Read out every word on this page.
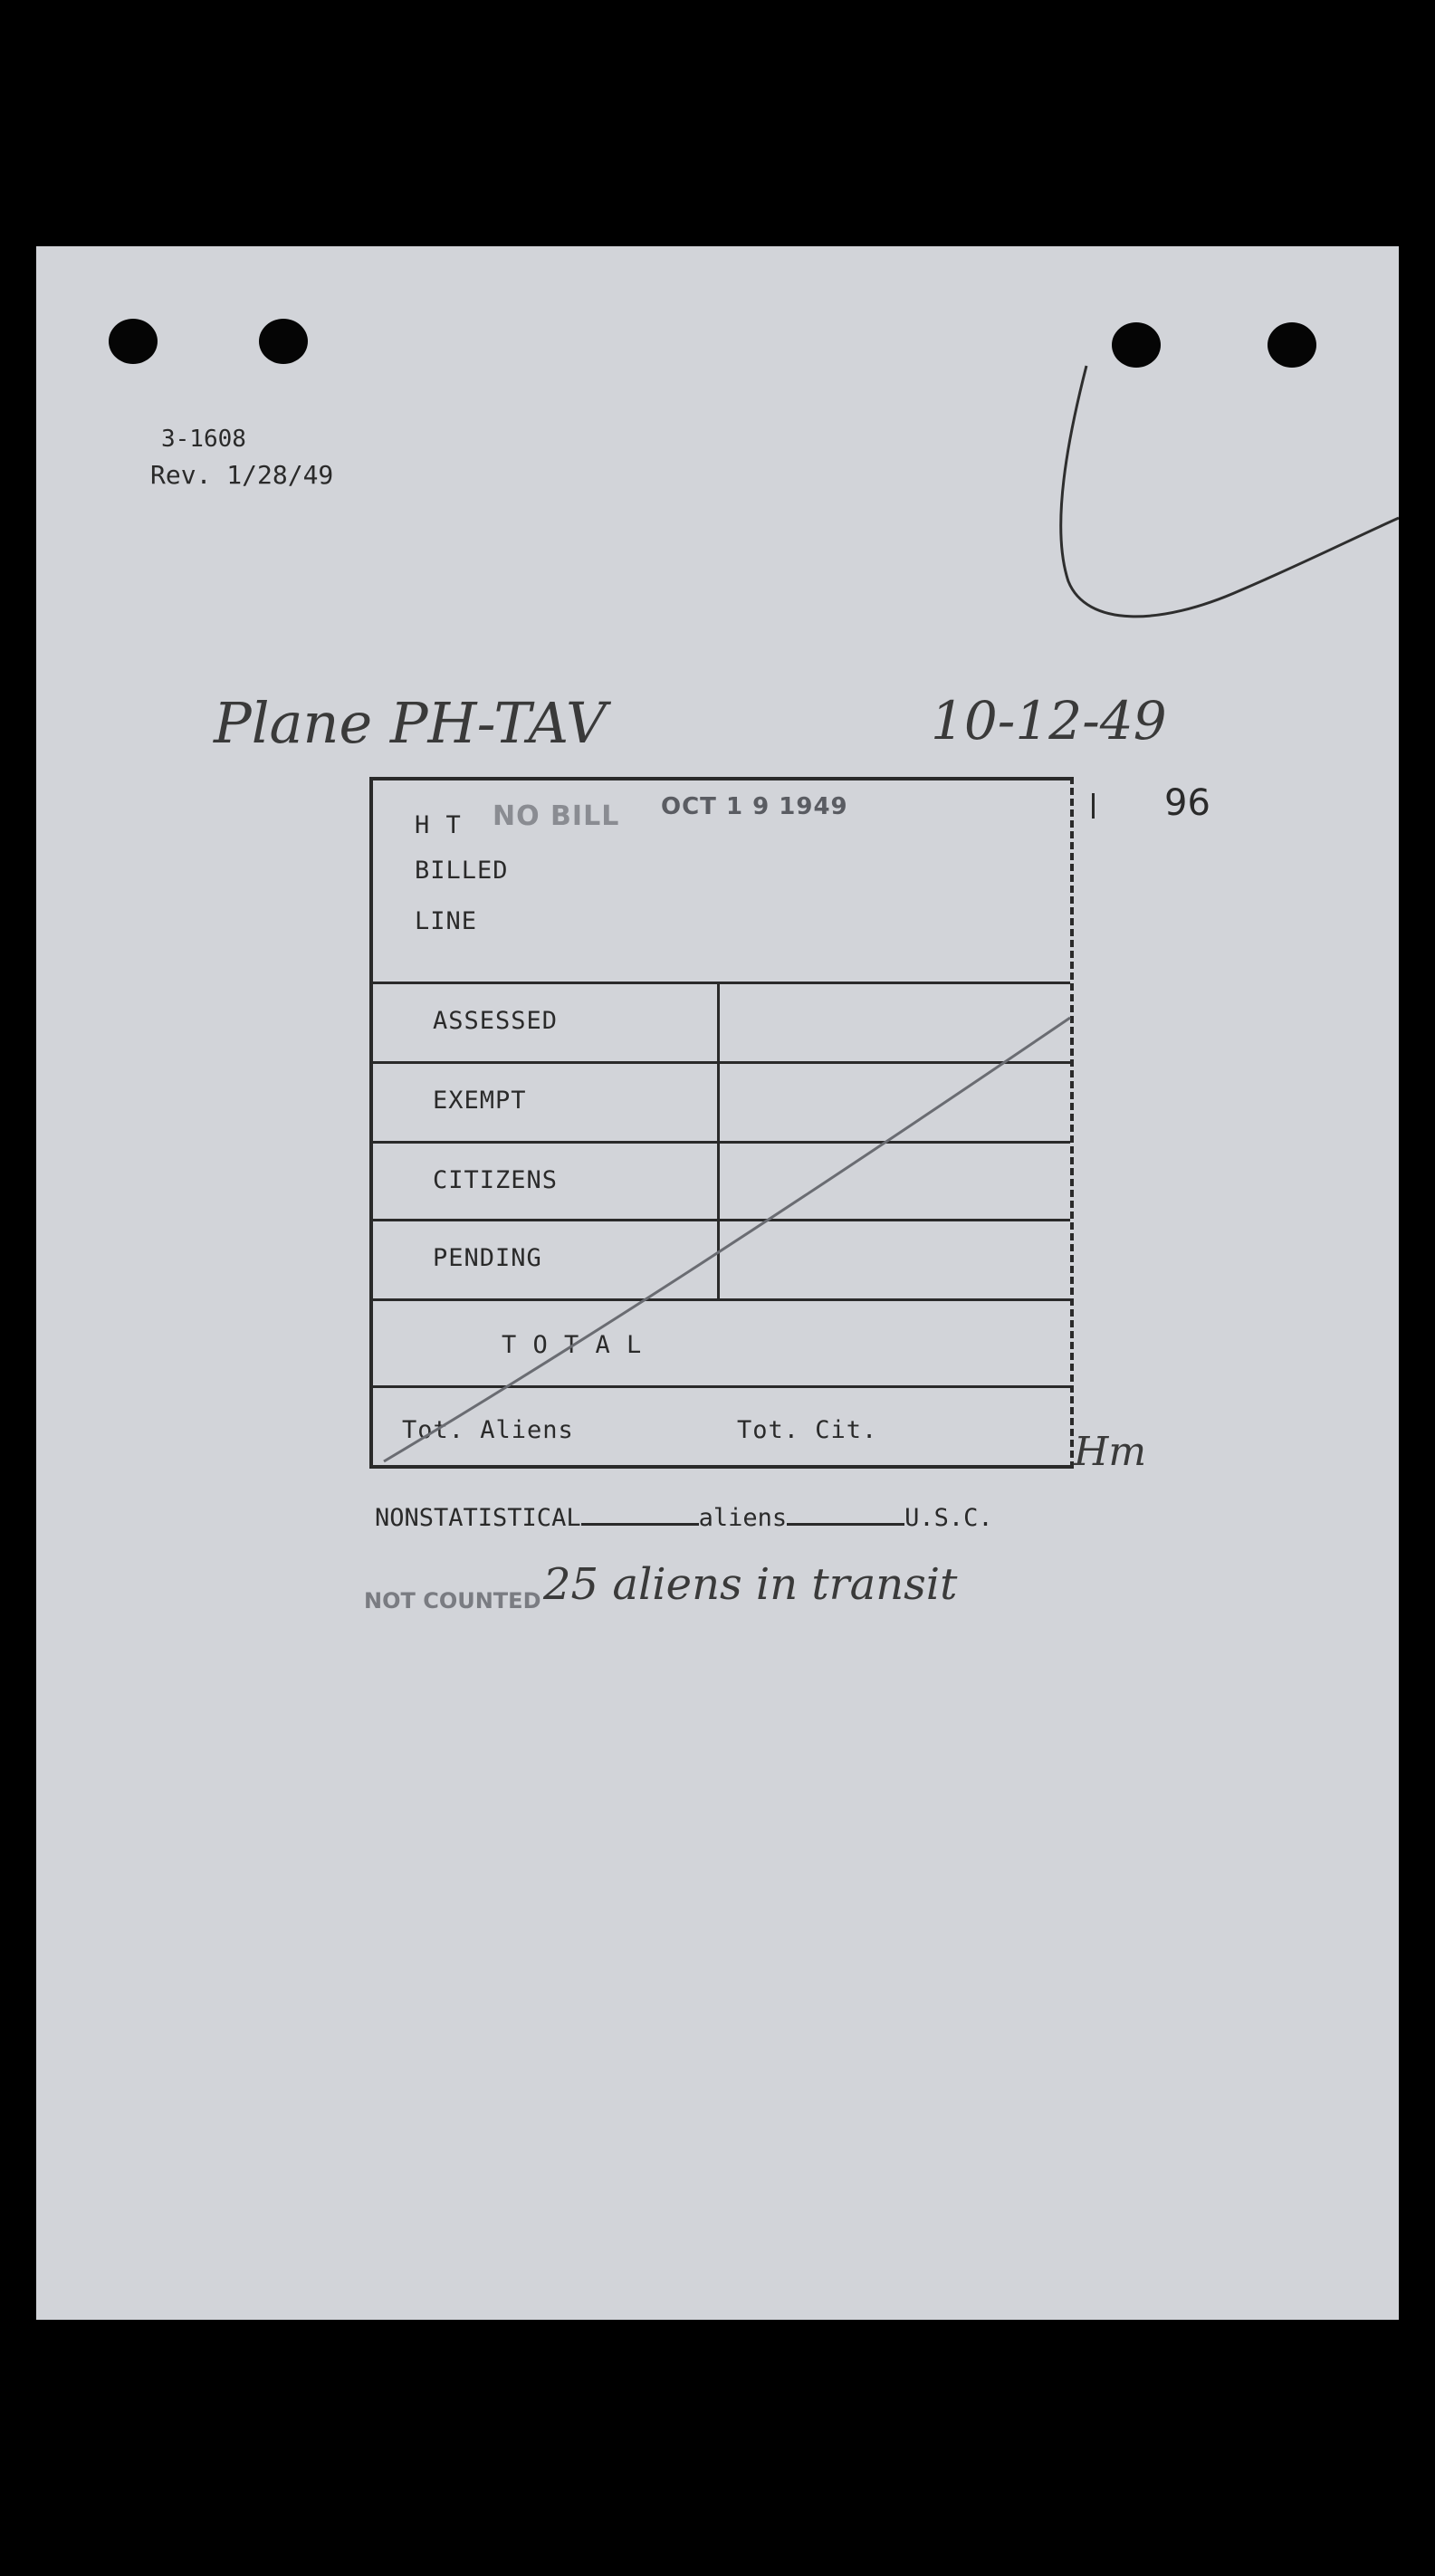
3-1608
Rev. 1/28/49
Plane PH-TAV	10-12-49
96
H T NO BILL OCT 1 9 1949
BILLED
LINE
ASSESSED
EXEMPT
CITIZENS
PENDING
T O T A L
Tot. Aliens	Tot. Cit.	Hm
NONSTATISTICAL	aliens	U.S.C.
NOT COUNTED 25 aliens in transit
